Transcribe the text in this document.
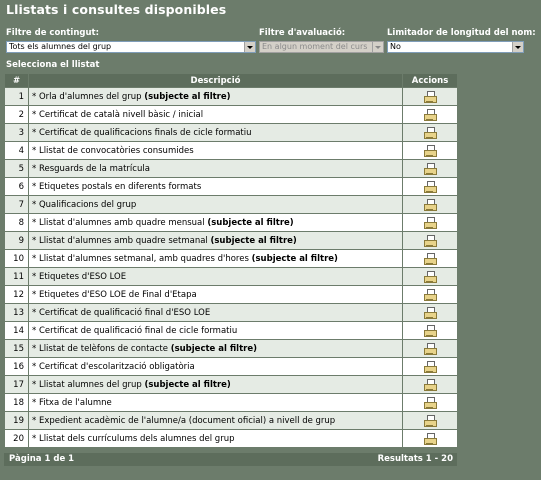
Llistats i consultes disponibles
Filtre de contingut:	Filtre d'avaluació:	Limitador de longitud del nom:
Tots els alumnes del grup	En algun moment del curs	No
Selecciona el llistat
#	Descripció	Accions
1	* Orla d'alumnes del grup (subjecte al filtre)	

2	* Certificat de català nivell bàsic / inicial	

3	* Certificat de qualificacions finals de cicle formatiu	

4	* Llistat de convocatòries consumides	

5	* Resguards de la matrícula	

6	* Etiquetes postals en diferents formats	

7	* Qualificacions del grup	

8	* Llistat d'alumnes amb quadre mensual (subjecte al filtre)	

9	* Llistat d'alumnes amb quadre setmanal (subjecte al filtre)	

10	* Llistat d'alumnes setmanal, amb quadres d'hores (subjecte al filtre)	

11	* Etiquetes d'ESO LOE	

12	* Etiquetes d'ESO LOE de Final d'Etapa	

13	* Certificat de qualificació final d'ESO LOE	

14	* Certificat de qualificació final de cicle formatiu	

15	* Llistat de telèfons de contacte (subjecte al filtre)	

16	* Certificat d'escolarització obligatòria	

17	* Llistat alumnes del grup (subjecte al filtre)	

18	* Fitxa de l'alumne	

19	* Expedient acadèmic de l'alumne/a (document oficial) a nivell de grup	

20	* Llistat dels currículums dels alumnes del grup	
Pàgina 1 de 1	Resultats 1 - 20
